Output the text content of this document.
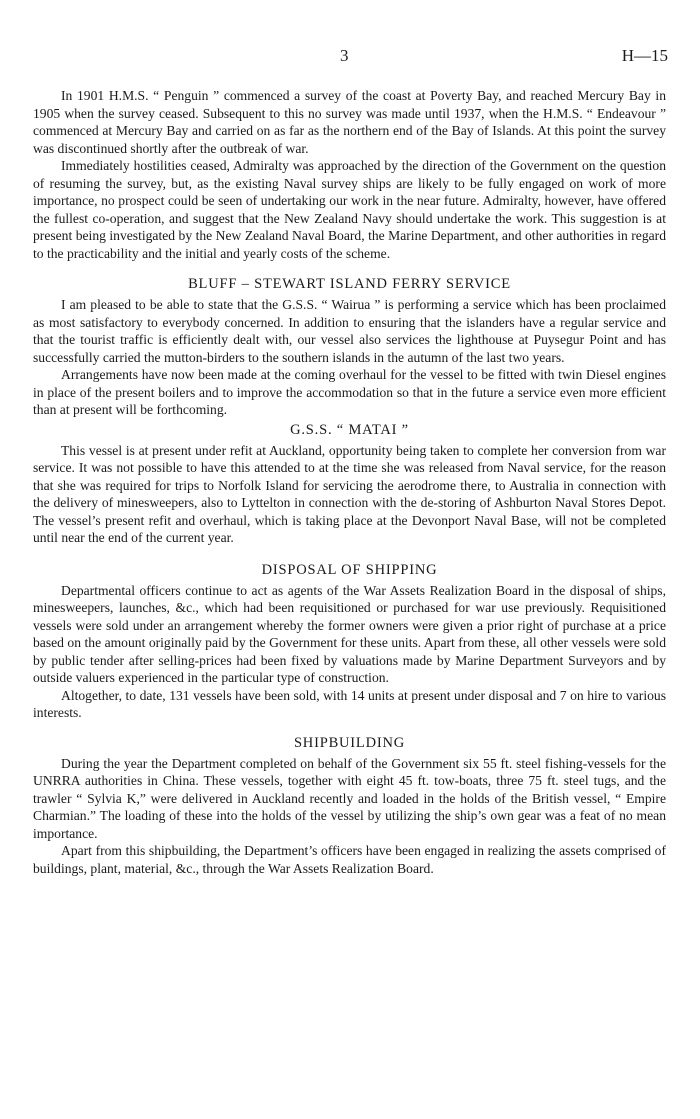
3	H—15

In 1901 H.M.S. “ Penguin ” commenced a survey of the coast at Poverty Bay, and reached Mercury Bay in 1905 when the survey ceased. Subsequent to this no survey was made until 1937, when the H.M.S. “ Endeavour ” commenced at Mercury Bay and carried on as far as the northern end of the Bay of Islands. At this point the survey was discontinued shortly after the outbreak of war.

Immediately hostilities ceased, Admiralty was approached by the direction of the Government on the question of resuming the survey, but, as the existing Naval survey ships are likely to be fully engaged on work of more importance, no prospect could be seen of undertaking our work in the near future. Admiralty, however, have offered the fullest co-operation, and suggest that the New Zealand Navy should undertake the work. This suggestion is at present being investigated by the New Zealand Naval Board, the Marine Department, and other authorities in regard to the practicability and the initial and yearly costs of the scheme.

BLUFF – STEWART ISLAND FERRY SERVICE

I am pleased to be able to state that the G.S.S. “ Wairua ” is performing a service which has been proclaimed as most satisfactory to everybody concerned. In addition to ensuring that the islanders have a regular service and that the tourist traffic is efficiently dealt with, our vessel also services the lighthouse at Puysegur Point and has successfully carried the mutton-birders to the southern islands in the autumn of the last two years.

Arrangements have now been made at the coming overhaul for the vessel to be fitted with twin Diesel engines in place of the present boilers and to improve the accommodation so that in the future a service even more efficient than at present will be forthcoming.

G.S.S. “ MATAI ”

This vessel is at present under refit at Auckland, opportunity being taken to complete her conversion from war service. It was not possible to have this attended to at the time she was released from Naval service, for the reason that she was required for trips to Norfolk Island for servicing the aerodrome there, to Australia in connection with the delivery of minesweepers, also to Lyttelton in connection with the de-storing of Ashburton Naval Stores Depot. The vessel’s present refit and overhaul, which is taking place at the Devonport Naval Base, will not be completed until near the end of the current year.

DISPOSAL OF SHIPPING

Departmental officers continue to act as agents of the War Assets Realization Board in the disposal of ships, minesweepers, launches, &c., which had been requisitioned or purchased for war use previously. Requisitioned vessels were sold under an arrangement whereby the former owners were given a prior right of purchase at a price based on the amount originally paid by the Government for these units. Apart from these, all other vessels were sold by public tender after selling-prices had been fixed by valuations made by Marine Department Surveyors and by outside valuers experienced in the particular type of construction.

Altogether, to date, 131 vessels have been sold, with 14 units at present under disposal and 7 on hire to various interests.

SHIPBUILDING

During the year the Department completed on behalf of the Government six 55 ft. steel fishing-vessels for the UNRRA authorities in China. These vessels, together with eight 45 ft. tow-boats, three 75 ft. steel tugs, and the trawler “ Sylvia K,” were delivered in Auckland recently and loaded in the holds of the British vessel, “ Empire Charmian.” The loading of these into the holds of the vessel by utilizing the ship’s own gear was a feat of no mean importance.

Apart from this shipbuilding, the Department’s officers have been engaged in realizing the assets comprised of buildings, plant, material, &c., through the War Assets Realization Board.
